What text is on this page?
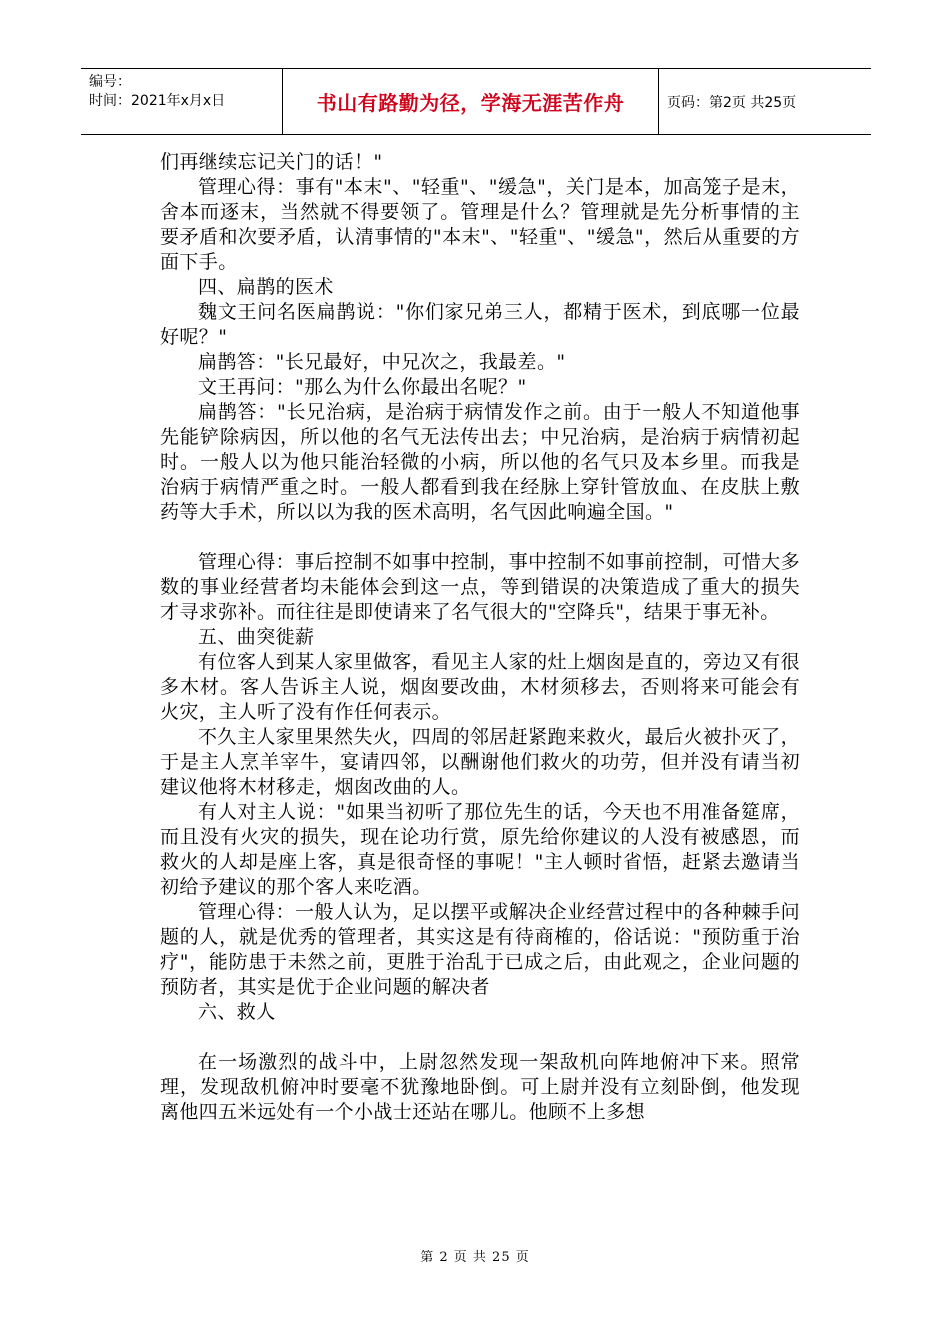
编号：
时间：2021年x月x日	书山有路勤为径，学海无涯苦作舟	页码：第2页 共25页

们再继续忘记关门的话！"

管理心得：事有"本末"、"轻重"、"缓急"，关门是本，加高笼子是末，舍本而逐末，当然就不得要领了。管理是什么？管理就是先分析事情的主要矛盾和次要矛盾，认清事情的"本末"、"轻重"、"缓急"，然后从重要的方面下手。

四、扁鹊的医术

魏文王问名医扁鹊说："你们家兄弟三人，都精于医术，到底哪一位最好呢？"

扁鹊答："长兄最好，中兄次之，我最差。"

文王再问："那么为什么你最出名呢？"

扁鹊答："长兄治病，是治病于病情发作之前。由于一般人不知道他事先能铲除病因，所以他的名气无法传出去；中兄治病，是治病于病情初起时。一般人以为他只能治轻微的小病，所以他的名气只及本乡里。而我是治病于病情严重之时。一般人都看到我在经脉上穿针管放血、在皮肤上敷药等大手术，所以以为我的医术高明，名气因此响遍全国。"

管理心得：事后控制不如事中控制，事中控制不如事前控制，可惜大多数的事业经营者均未能体会到这一点，等到错误的决策造成了重大的损失才寻求弥补。而往往是即使请来了名气很大的"空降兵"，结果于事无补。

五、曲突徙薪

有位客人到某人家里做客，看见主人家的灶上烟囱是直的，旁边又有很多木材。客人告诉主人说，烟囱要改曲，木材须移去，否则将来可能会有火灾，主人听了没有作任何表示。

不久主人家里果然失火，四周的邻居赶紧跑来救火，最后火被扑灭了，于是主人烹羊宰牛，宴请四邻，以酬谢他们救火的功劳，但并没有请当初建议他将木材移走，烟囱改曲的人。

有人对主人说："如果当初听了那位先生的话，今天也不用准备筵席，而且没有火灾的损失，现在论功行赏，原先给你建议的人没有被感恩，而救火的人却是座上客，真是很奇怪的事呢！"主人顿时省悟，赶紧去邀请当初给予建议的那个客人来吃酒。

管理心得：一般人认为，足以摆平或解决企业经营过程中的各种棘手问题的人，就是优秀的管理者，其实这是有待商榷的，俗话说："预防重于治疗"，能防患于未然之前，更胜于治乱于已成之后，由此观之，企业问题的预防者，其实是优于企业问题的解决者

六、救人

在一场激烈的战斗中，上尉忽然发现一架敌机向阵地俯冲下来。照常理，发现敌机俯冲时要毫不犹豫地卧倒。可上尉并没有立刻卧倒，他发现离他四五米远处有一个小战士还站在哪儿。他顾不上多想

第 2 页 共 25 页
